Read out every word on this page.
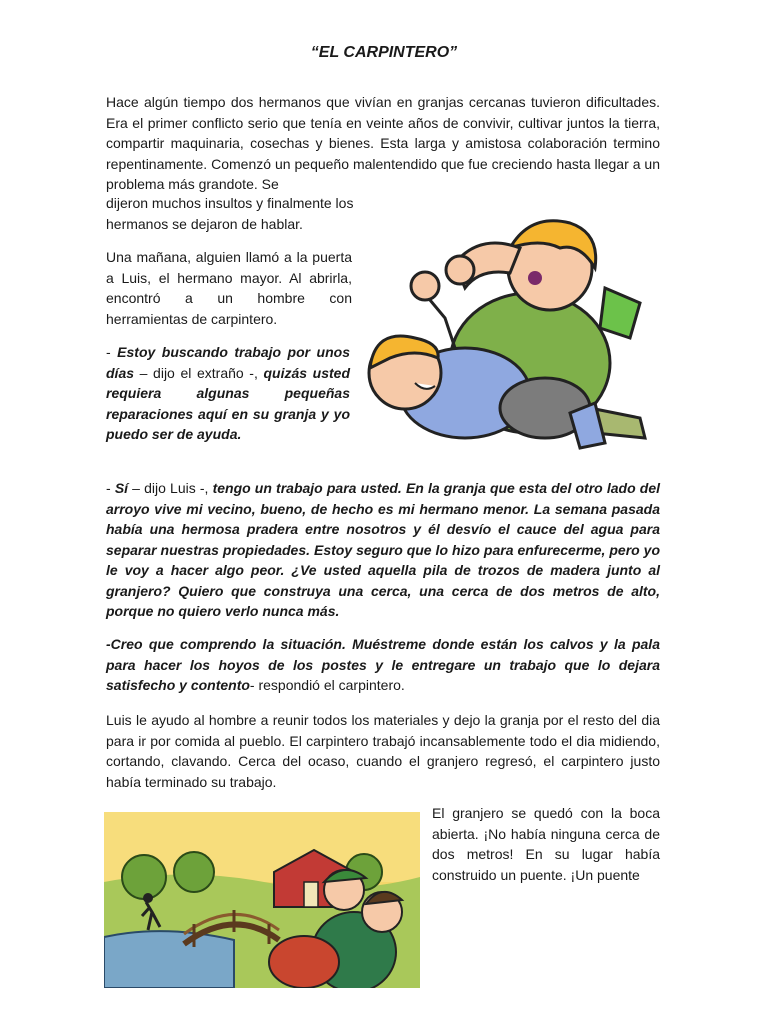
“EL CARPINTERO”

Hace algún tiempo dos hermanos que vivían en granjas cercanas tuvieron dificultades. Era el primer conflicto serio que tenía en veinte años de convivir, cultivar juntos la tierra, compartir maquinaria, cosechas y bienes. Esta larga y amistosa colaboración termino repentinamente. Comenzó un pequeño malentendido que fue creciendo hasta llegar a un problema más grandote. Se

dijeron muchos insultos y finalmente los hermanos se dejaron de hablar.

Una mañana, alguien llamó a la puerta a Luis, el hermano mayor. Al abrirla, encontró a un hombre con herramientas de carpintero.

- Estoy buscando trabajo por unos días – dijo el extraño -, quizás usted requiera algunas pequeñas reparaciones aquí en su granja y yo puedo ser de ayuda.

- Sí – dijo Luis -, tengo un trabajo para usted. En la granja que esta del otro lado del arroyo vive mi vecino, bueno, de hecho es mi hermano menor. La semana pasada había una hermosa pradera entre nosotros y él desvío el cauce del agua para separar nuestras propiedades. Estoy seguro que lo hizo para enfurecerme, pero yo le voy a hacer algo peor. ¿Ve usted aquella pila de trozos de madera junto al granjero? Quiero que construya una cerca, una cerca de dos metros de alto, porque no quiero verlo nunca más.

-Creo que comprendo la situación. Muéstreme donde están los calvos y la pala para hacer los hoyos de los postes y le entregare un trabajo que lo dejara satisfecho y contento- respondió el carpintero.

Luis le ayudo al hombre a reunir todos los materiales y dejo la granja por el resto del dia para ir por comida al pueblo. El carpintero trabajó incansablemente todo el dia midiendo, cortando, clavando. Cerca del ocaso, cuando el granjero regresó, el carpintero justo había terminado su trabajo.

El granjero se quedó con la boca abierta. ¡No había ninguna cerca de dos metros! En su lugar había construido un puente. ¡Un puente
